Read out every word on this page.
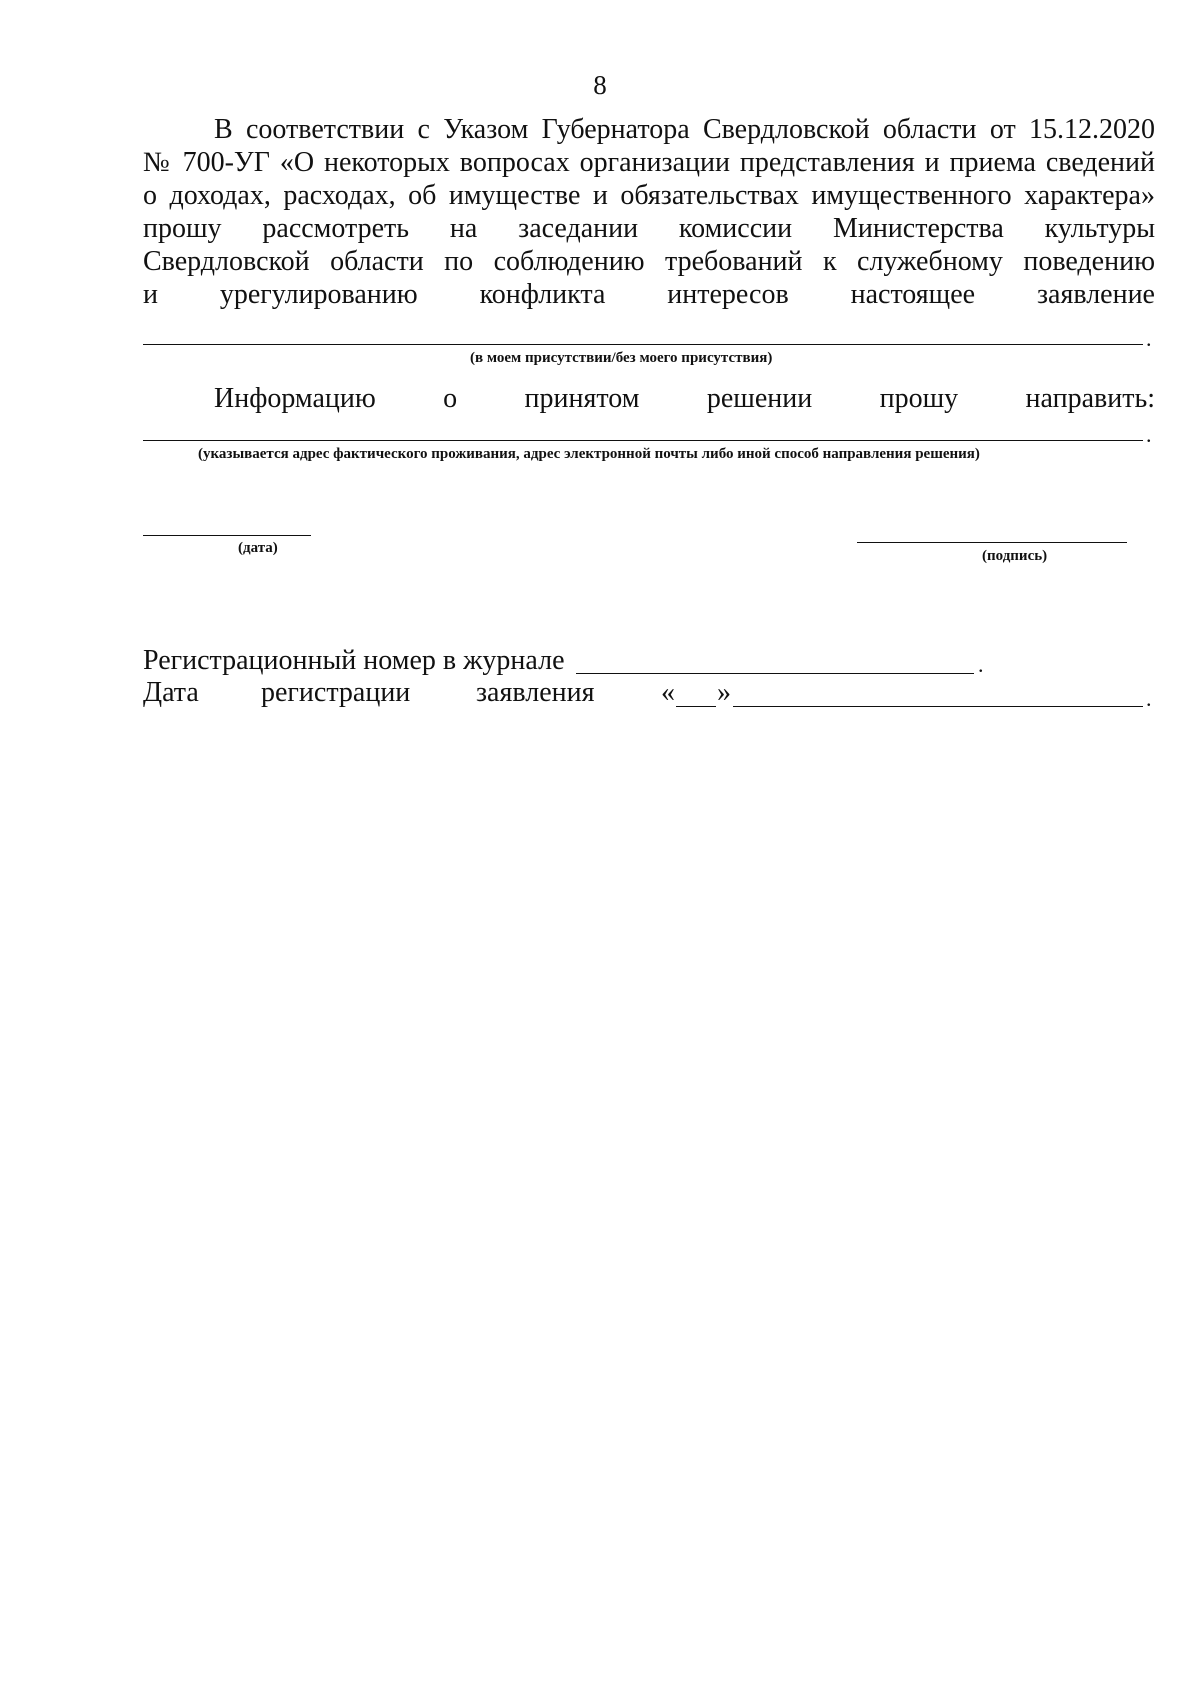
8
В соответствии с Указом Губернатора Свердловской области от 15.12.2020
№ 700-УГ «О некоторых вопросах организации представления и приема сведений
о доходах, расходах, об имуществе и обязательствах имущественного характера»
прошу рассмотреть на заседании комиссии Министерства культуры
Свердловской области по соблюдению требований к служебному поведению
и урегулированию конфликта интересов настоящее заявление
.
(в моем присутствии/без моего присутствия)
Информацию о принятом решении прошу направить:
.
(указывается адрес фактического проживания, адрес электронной почты либо иной способ направления решения)
(дата)	(подпись)
Регистрационный номер в журнале	.
Дата регистрации заявления « »	.
